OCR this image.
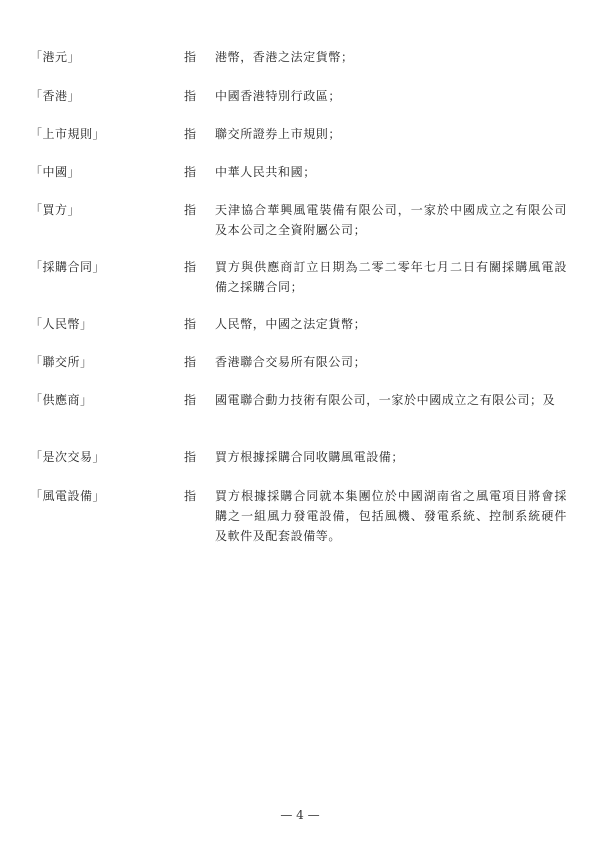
「港元」	指 港幣，香港之法定貨幣；
「香港」	指 中國香港特別行政區；
「上市規則」	指 聯交所證券上市規則；
「中國」	指 中華人民共和國；
「買方」	指 天津協合華興風電裝備有限公司，一家於中國成立之有限公司及本公司之全資附屬公司；
「採購合同」	指 買方與供應商訂立日期為二零二零年七月二日有關採購風電設備之採購合同；
「人民幣」	指 人民幣，中國之法定貨幣；
「聯交所」	指 香港聯合交易所有限公司；
「供應商」	指 國電聯合動力技術有限公司，一家於中國成立之有限公司；及
「是次交易」	指 買方根據採購合同收購風電設備；
「風電設備」	指 買方根據採購合同就本集團位於中國湖南省之風電項目將會採購之一組風力發電設備，包括風機、發電系統、控制系統硬件及軟件及配套設備等。
— 4 —
